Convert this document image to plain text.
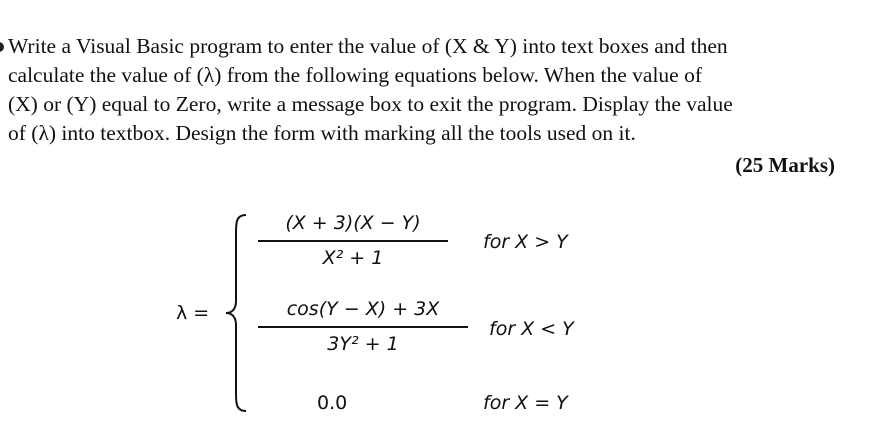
Write a Visual Basic program to enter the value of (X & Y) into text boxes and then
calculate the value of (λ) from the following equations below. When the value of
(X) or (Y) equal to Zero, write a message box to exit the program. Display the value
of (λ) into textbox. Design the form with marking all the tools used on it.
(25 Marks)
λ =
(X + 3)(X − Y)
X² + 1
for X > Y
cos(Y − X) + 3X
3Y² + 1
for X < Y
0.0	for X = Y
